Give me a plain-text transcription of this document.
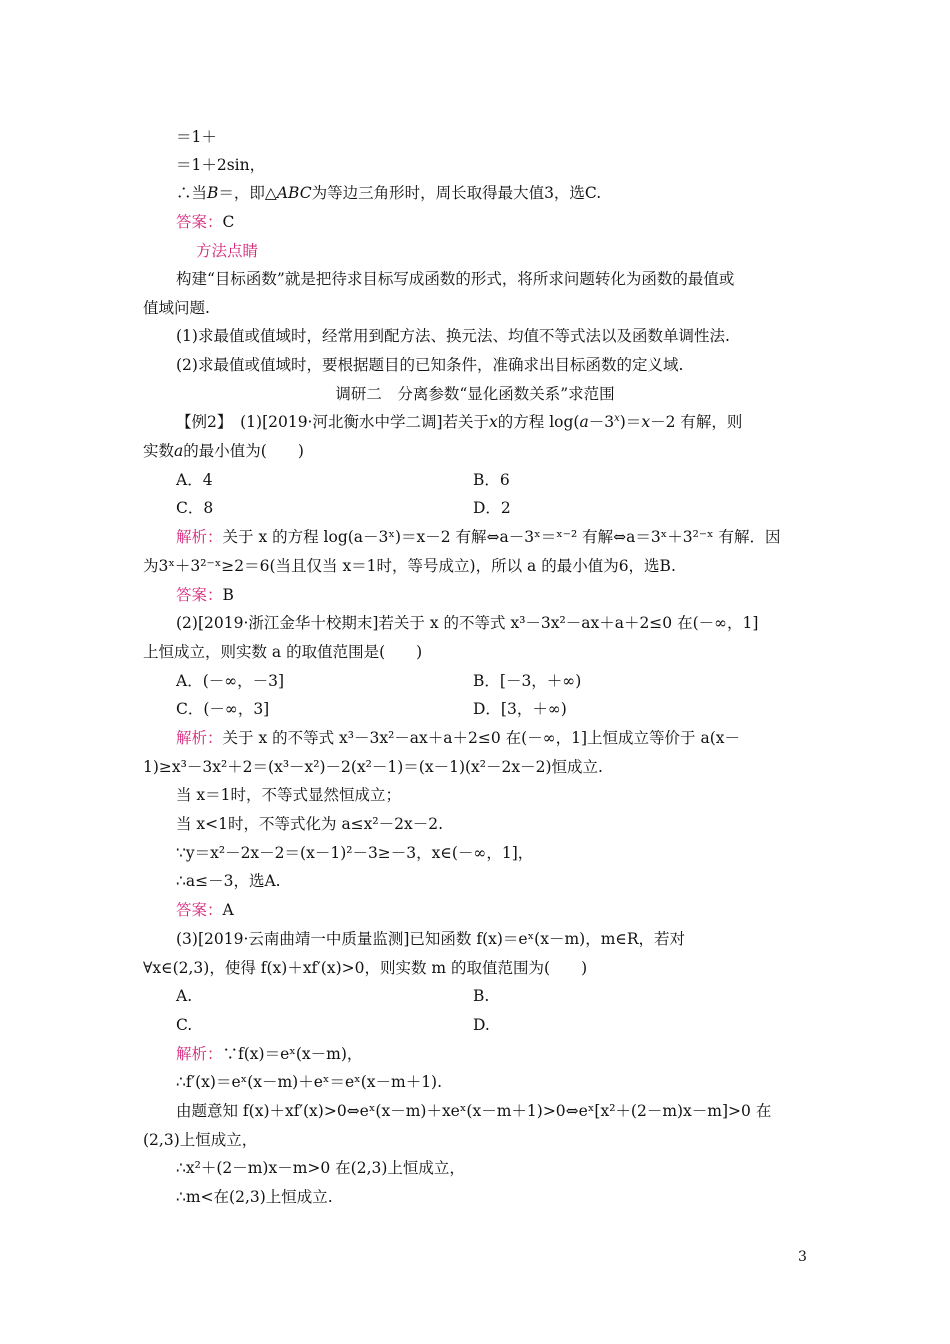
＝1＋
＝1＋2sin，
∴当B＝，即△ABC为等边三角形时，周长取得最大值3，选C.
答案：C
方法点睛
构建“目标函数”就是把待求目标写成函数的形式，将所求问题转化为函数的最值或
值域问题.
(1)求最值或值域时，经常用到配方法、换元法、均值不等式法以及函数单调性法.
(2)求最值或值域时，要根据题目的已知条件，准确求出目标函数的定义域.
调研二　分离参数“显化函数关系”求范围
【例2】　(1)[2019·河北衡水中学二调]若关于x的方程 $\log(a-3^x)=x-2$ 有解，则
实数a的最小值为(　　)
A．4	B．6
C．8	D．2
解析：关于 x 的方程 log(a－3ˣ)＝x－2 有解⇔a－3ˣ＝ˣ⁻² 有解⇔a＝3ˣ＋3²⁻ˣ 有解．因
为3ˣ＋3²⁻ˣ≥2＝6(当且仅当 x＝1时，等号成立)，所以 a 的最小值为6，选B.
答案：B
(2)[2019·浙江金华十校期末]若关于 x 的不等式 x³－3x²－ax＋a＋2≤0 在(－∞，1]
上恒成立，则实数 a 的取值范围是(　　)
A．(－∞，－3]	B．[－3，＋∞)
C．(－∞，3]	D．[3，＋∞)
解析：关于 x 的不等式 x³－3x²－ax＋a＋2≤0 在(－∞，1]上恒成立等价于 a(x－
1)≥x³－3x²＋2＝(x³－x²)－2(x²－1)＝(x－1)(x²－2x－2)恒成立.
当 x＝1时，不等式显然恒成立；
当 x<1时，不等式化为 a≤x²－2x－2.
∵y＝x²－2x－2＝(x－1)²－3≥－3，x∈(－∞，1]，
∴a≤－3，选A.
答案：A
(3)[2019·云南曲靖一中质量监测]已知函数 f(x)＝eˣ(x－m)，m∈R，若对
∀x∈(2,3)，使得 f(x)＋xf′(x)>0，则实数 m 的取值范围为(　　)
A.	B.
C.	D.
解析：∵f(x)＝eˣ(x－m)，
∴f′(x)＝eˣ(x－m)＋eˣ＝eˣ(x－m＋1).
由题意知 f(x)＋xf′(x)>0⇔eˣ(x－m)＋xeˣ(x－m＋1)>0⇔eˣ[x²＋(2－m)x－m]>0 在
(2,3)上恒成立，
∴x²＋(2－m)x－m>0 在(2,3)上恒成立，
∴m<在(2,3)上恒成立.
3
